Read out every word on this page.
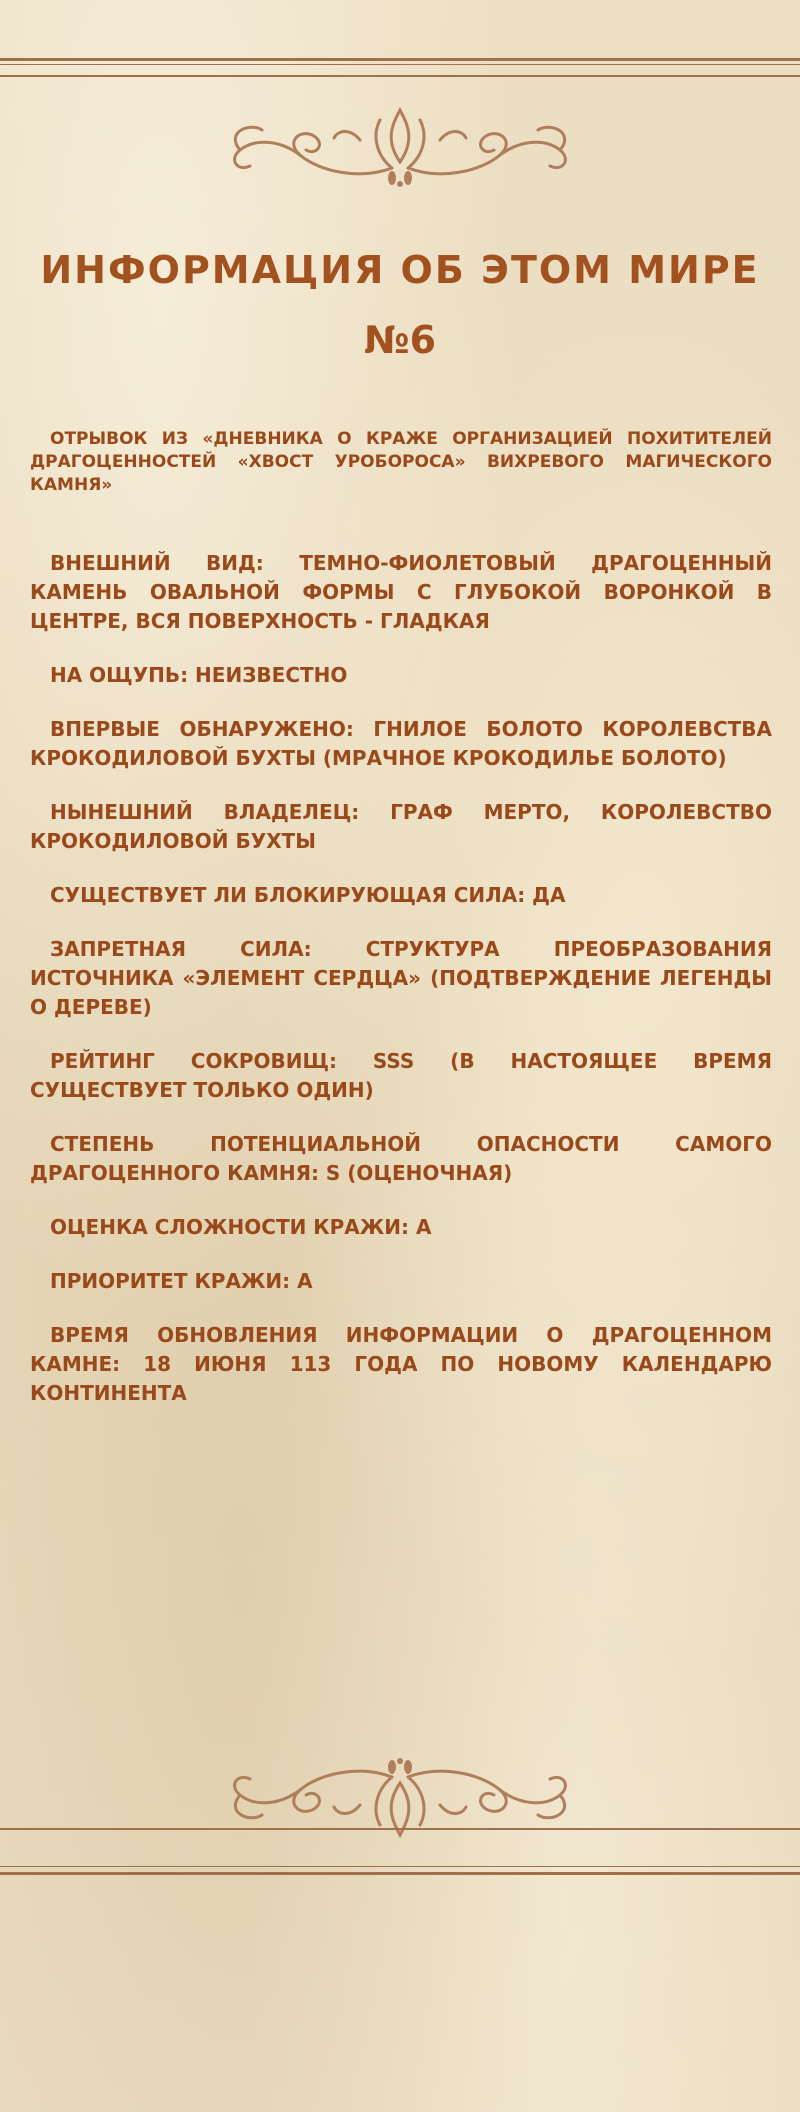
ИНФОРМАЦИЯ ОБ ЭТОМ МИРЕ
№6

ОТРЫВОК ИЗ «ДНЕВНИКА О КРАЖЕ ОРГАНИЗАЦИЕЙ ПОХИТИТЕЛЕЙ ДРАГОЦЕННОСТЕЙ «ХВОСТ УРОБОРОСА» ВИХРЕВОГО МАГИЧЕСКОГО КАМНЯ»

ВНЕШНИЙ ВИД: ТЕМНО-ФИОЛЕТОВЫЙ ДРАГОЦЕННЫЙ КАМЕНЬ ОВАЛЬНОЙ ФОРМЫ С ГЛУБОКОЙ ВОРОНКОЙ В ЦЕНТРЕ, ВСЯ ПОВЕРХНОСТЬ - ГЛАДКАЯ

НА ОЩУПЬ: НЕИЗВЕСТНО

ВПЕРВЫЕ ОБНАРУЖЕНО: ГНИЛОЕ БОЛОТО КОРОЛЕВСТВА КРОКОДИЛОВОЙ БУХТЫ (МРАЧНОЕ КРОКОДИЛЬЕ БОЛОТО)

НЫНЕШНИЙ ВЛАДЕЛЕЦ: ГРАФ МЕРТО, КОРОЛЕВСТВО КРОКОДИЛОВОЙ БУХТЫ

СУЩЕСТВУЕТ ЛИ БЛОКИРУЮЩАЯ СИЛА: ДА

ЗАПРЕТНАЯ СИЛА: СТРУКТУРА ПРЕОБРАЗОВАНИЯ ИСТОЧНИКА «ЭЛЕМЕНТ СЕРДЦА» (ПОДТВЕРЖДЕНИЕ ЛЕГЕНДЫ О ДЕРЕВЕ)

РЕЙТИНГ СОКРОВИЩ: SSS (В НАСТОЯЩЕЕ ВРЕМЯ СУЩЕСТВУЕТ ТОЛЬКО ОДИН)

СТЕПЕНЬ ПОТЕНЦИАЛЬНОЙ ОПАСНОСТИ САМОГО ДРАГОЦЕННОГО КАМНЯ: S (ОЦЕНОЧНАЯ)

ОЦЕНКА СЛОЖНОСТИ КРАЖИ: А

ПРИОРИТЕТ КРАЖИ: А

ВРЕМЯ ОБНОВЛЕНИЯ ИНФОРМАЦИИ О ДРАГОЦЕННОМ КАМНЕ: 18 ИЮНЯ 113 ГОДА ПО НОВОМУ КАЛЕНДАРЮ КОНТИНЕНТА
